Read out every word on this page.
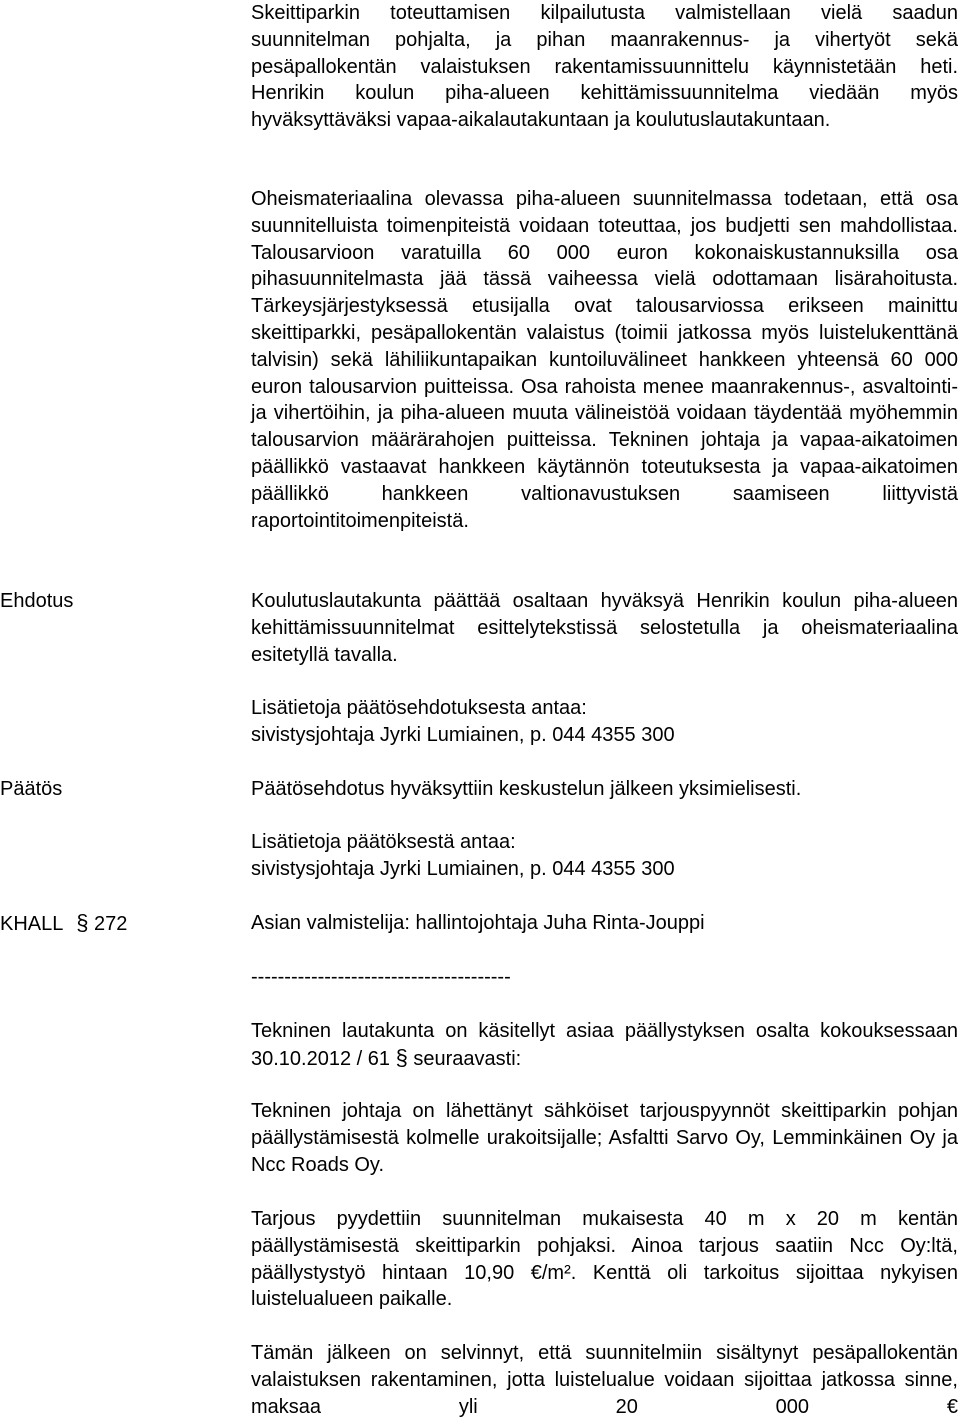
Skeittiparkin toteuttamisen kilpailutusta valmistellaan vielä saadun suunnitelman pohjalta, ja pihan maanrakennus- ja vihertyöt sekä pesäpallokentän valaistuksen rakentamissuunnittelu käynnistetään heti. Henrikin koulun piha-alueen kehittämissuunnitelma viedään myös hyväksyttäväksi vapaa-aikalautakuntaan ja koulutuslautakuntaan.

Oheismateriaalina olevassa piha-alueen suunnitelmassa todetaan, että osa suunnitelluista toimenpiteistä voidaan toteuttaa, jos budjetti sen mahdollistaa. Talousarvioon varatuilla 60 000 euron kokonaiskustannuksilla osa pihasuunnitelmasta jää tässä vaiheessa vielä odottamaan lisärahoitusta. Tärkeysjärjestyksessä etusijalla ovat talousarviossa erikseen mainittu skeittiparkki, pesäpallokentän valaistus (toimii jatkossa myös luistelukenttänä talvisin) sekä lähiliikuntapaikan kuntoiluvälineet hankkeen yhteensä 60 000 euron talousarvion puitteissa. Osa rahoista menee maanrakennus-, asvaltointi- ja vihertöihin, ja piha-alueen muuta välineistöä voidaan täydentää myöhemmin talousarvion määrärahojen puitteissa. Tekninen johtaja ja vapaa-aikatoimen päällikkö vastaavat hankkeen käytännön toteutuksesta ja vapaa-aikatoimen päällikkö hankkeen valtionavustuksen saamiseen liittyvistä raportointitoimenpiteistä.

Ehdotus	Koulutuslautakunta päättää osaltaan hyväksyä Henrikin koulun piha-alueen kehittämissuunnitelmat esittelytekstissä selostetulla ja oheismateriaalina esitetyllä tavalla.

Lisätietoja päätösehdotuksesta antaa:
sivistysjohtaja Jyrki Lumiainen, p. 044 4355 300
Päätös	Päätösehdotus hyväksyttiin keskustelun jälkeen yksimielisesti.

Lisätietoja päätöksestä antaa:
sivistysjohtaja Jyrki Lumiainen, p. 044 4355 300
KHALL § 272	Asian valmistelija: hallintojohtaja Juha Rinta-Jouppi
---------------------------------------

Tekninen lautakunta on käsitellyt asiaa päällystyksen osalta kokouksessaan 30.10.2012 / 61 § seuraavasti:

Tekninen johtaja on lähettänyt sähköiset tarjouspyynnöt skeittiparkin pohjan päällystämisestä kolmelle urakoitsijalle; Asfaltti Sarvo Oy, Lemminkäinen Oy ja Ncc Roads Oy.

Tarjous pyydettiin suunnitelman mukaisesta 40 m x 20 m kentän päällystämisestä skeittiparkin pohjaksi. Ainoa tarjous saatiin Ncc Oy:ltä, päällystystyö hintaan 10,90 €/m². Kenttä oli tarkoitus sijoittaa nykyisen luistelualueen paikalle.

Tämän jälkeen on selvinnyt, että suunnitelmiin sisältynyt pesäpallokentän valaistuksen rakentaminen, jotta luistelualue voidaan sijoittaa jatkossa sinne, maksaa yli 20 000	€
